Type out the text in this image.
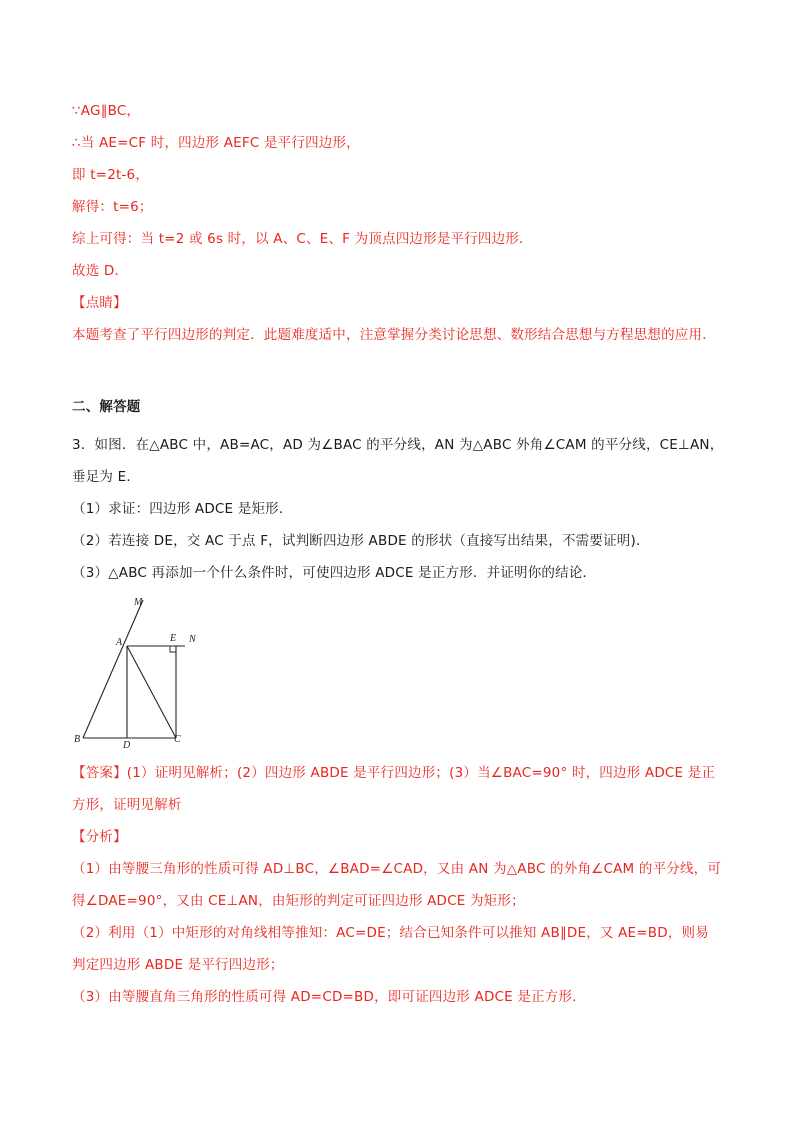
∵AG∥BC，
∴当 AE=CF 时，四边形 AEFC 是平行四边形，
即 t=2t-6，
解得：t=6；
综上可得：当 t=2 或 6s 时，以 A、C、E、F 为顶点四边形是平行四边形．
故选 D．
【点睛】
本题考查了平行四边形的判定．此题难度适中，注意掌握分类讨论思想、数形结合思想与方程思想的应用．
二、解答题
3．如图．在△ABC 中，AB=AC，AD 为∠BAC 的平分线，AN 为△ABC 外角∠CAM 的平分线，CE⊥AN，
垂足为 E．
（1）求证：四边形 ADCE 是矩形．
（2）若连接 DE，交 AC 于点 F，试判断四边形 ABDE 的形状（直接写出结果，不需要证明)．
（3）△ABC 再添加一个什么条件时，可使四边形 ADCE 是正方形．并证明你的结论．
M
A	E N
B
D
C
【答案】(1）证明见解析；(2）四边形 ABDE 是平行四边形；(3）当∠BAC=90° 时，四边形 ADCE 是正
方形，证明见解析
【分析】
（1）由等腰三角形的性质可得 AD⊥BC，∠BAD=∠CAD，又由 AN 为△ABC 的外角∠CAM 的平分线，可
得∠DAE=90°，又由 CE⊥AN，由矩形的判定可证四边形 ADCE 为矩形；
（2）利用（1）中矩形的对角线相等推知：AC=DE；结合已知条件可以推知 AB∥DE，又 AE=BD，则易
判定四边形 ABDE 是平行四边形；
（3）由等腰直角三角形的性质可得 AD=CD=BD，即可证四边形 ADCE 是正方形．
